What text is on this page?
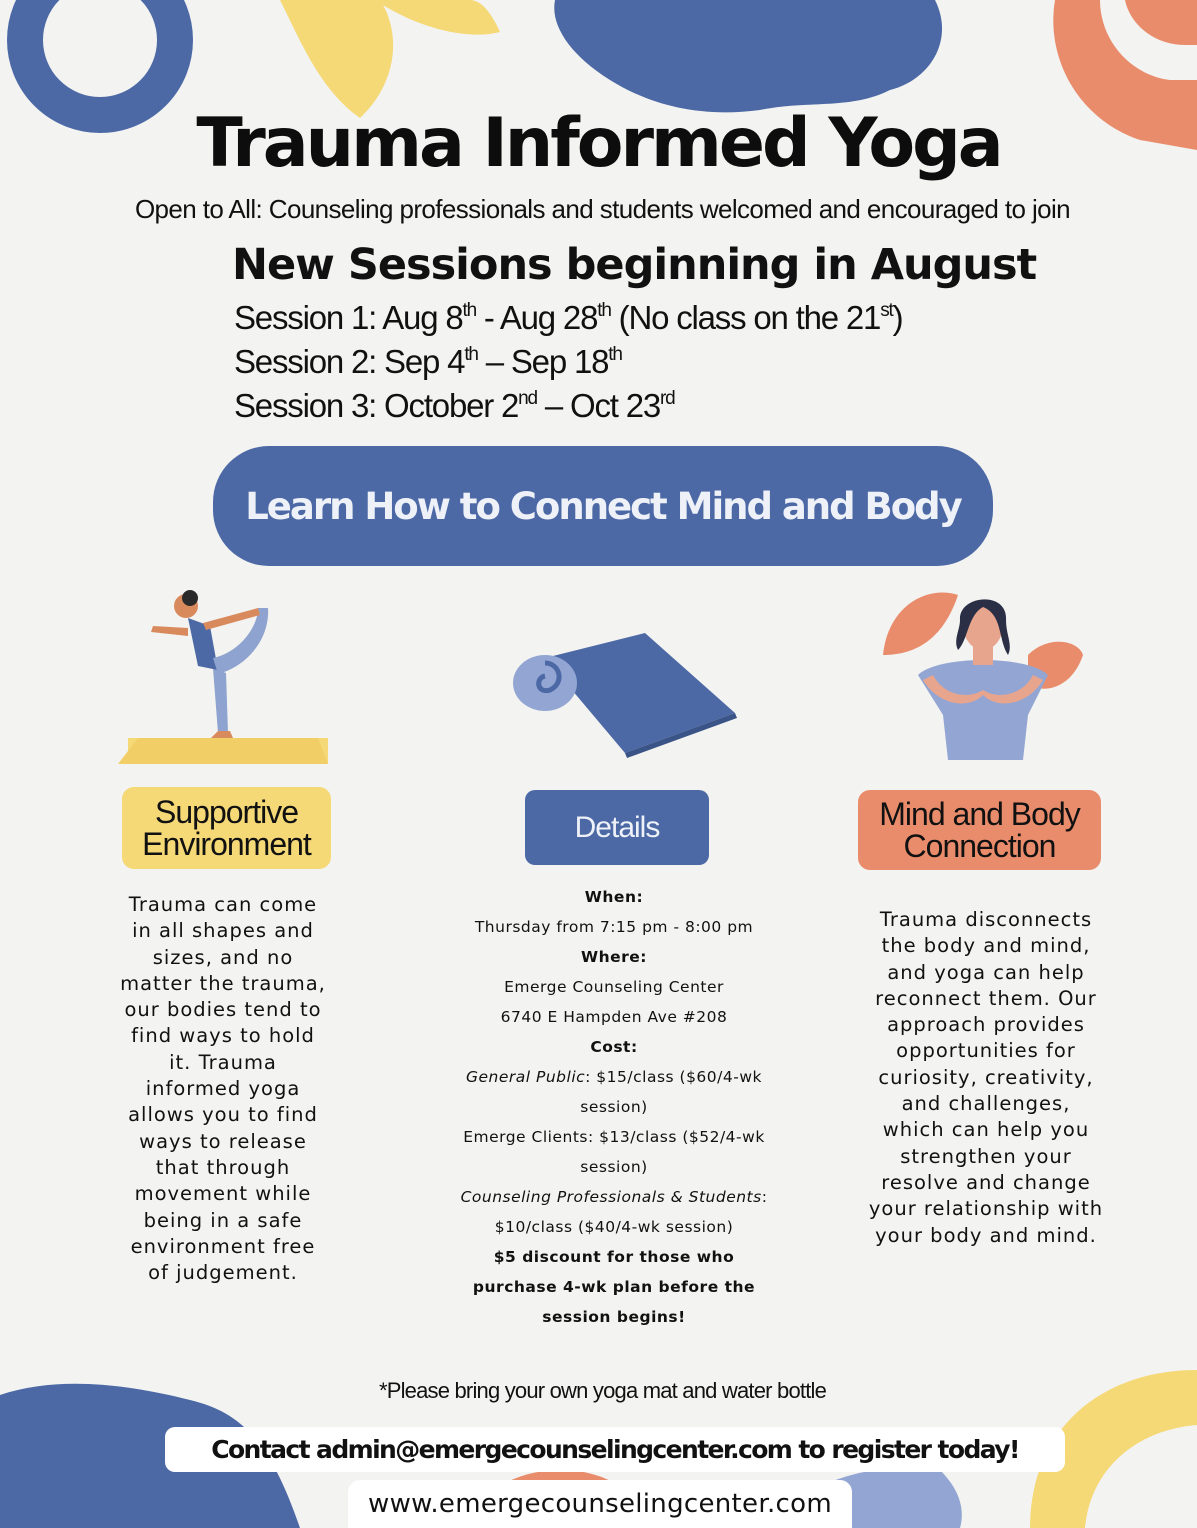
Trauma Informed Yoga
Open to All: Counseling professionals and students welcomed and encouraged to join
New Sessions beginning in August
Session 1: Aug 8th - Aug 28th (No class on the 21st)
Session 2: Sep 4th – Sep 18th
Session 3: October 2nd – Oct 23rd
Learn How to Connect Mind and Body
Supportive Environment	Details	Mind and Body Connection
Trauma can come in all shapes and sizes, and no matter the trauma, our bodies tend to find ways to hold it. Trauma informed yoga allows you to find ways to release that through movement while being in a safe environment free of judgement.
When:
Thursday from 7:15 pm - 8:00 pm
Where:
Emerge Counseling Center
6740 E Hampden Ave #208
Cost:
General Public: $15/class ($60/4-wk session)
Emerge Clients: $13/class ($52/4-wk session)
Counseling Professionals & Students: $10/class ($40/4-wk session)
$5 discount for those who purchase 4-wk plan before the session begins!
Trauma disconnects the body and mind, and yoga can help reconnect them. Our approach provides opportunities for curiosity, creativity, and challenges, which can help you strengthen your resolve and change your relationship with your body and mind.
*Please bring your own yoga mat and water bottle
Contact admin@emergecounselingcenter.com to register today!
www.emergecounselingcenter.com
